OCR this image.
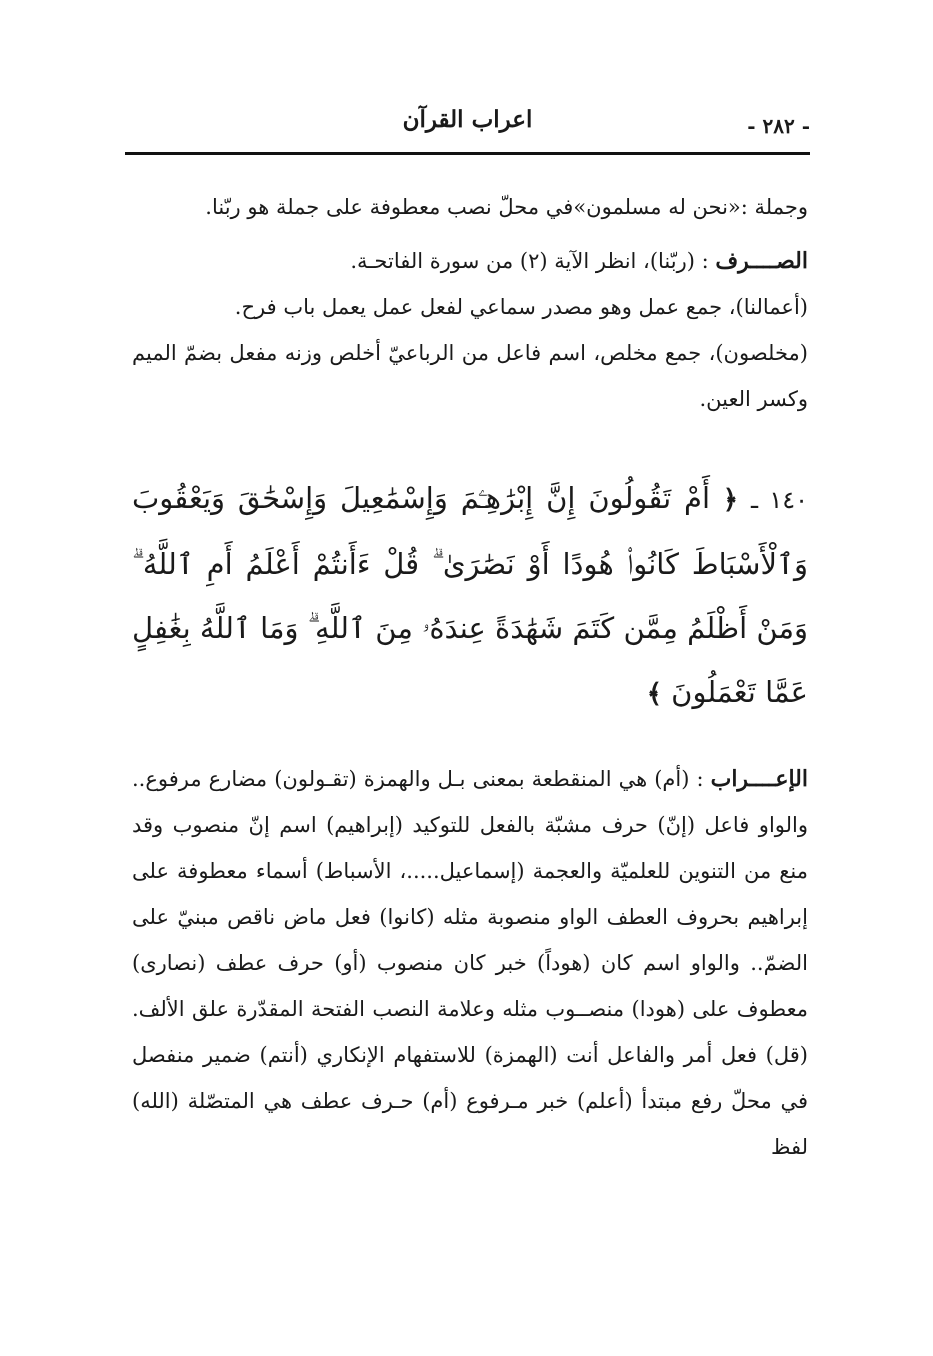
اعراب القرآن	- ٢٨٢ -

وجملة :«نحن له مسلمون»في محلّ نصب معطوفة على جملة هو ربّنا.

الصــــرف : (ربّنا)، انظر الآية (٢) من سورة الفاتحـة.

(أعمالنا)، جمع عمل وهو مصدر سماعي لفعل عمل يعمل باب فرح.

(مخلصون)، جمع مخلص، اسم فاعل من الرباعيّ أخلص وزنه مفعل بضمّ الميم وكسر العين.

١٤٠ ـ ﴿ أَمْ تَقُولُونَ إِنَّ إِبْرَٰهِـۧمَ وَإِسْمَٰعِيلَ وَإِسْحَٰقَ وَيَعْقُوبَ وَٱلْأَسْبَاطَ كَانُوا۟ هُودًا أَوْ نَصَٰرَىٰ ۗ قُلْ ءَأَنتُمْ أَعْلَمُ أَمِ ٱللَّهُ ۗ وَمَنْ أَظْلَمُ مِمَّن كَتَمَ شَهَٰدَةً عِندَهُۥ مِنَ ٱللَّهِ ۗ وَمَا ٱللَّهُ بِغَٰفِلٍ عَمَّا تَعْمَلُونَ ﴾

الإعــــراب : (أم) هي المنقطعة بمعنى بـل والهمزة (تقـولون) مضارع مرفوع.. والواو فاعل (إنّ) حرف مشبّة بالفعل للتوكيد (إبراهيم) اسم إنّ منصوب وقد منع من التنوين للعلميّة والعجمة (إسماعيل.....، الأسباط) أسماء معطوفة على إبراهيم بحروف العطف الواو منصوبة مثله (كانوا) فعل ماض ناقص مبنيّ على الضمّ.. والواو اسم كان (هوداً) خبر كان منصوب (أو) حرف عطف (نصارى) معطوف على (هودا) منصــوب مثله وعلامة النصب الفتحة المقدّرة علق الألف. (قل) فعل أمر والفاعل أنت (الهمزة) للاستفهام الإنكاري (أنتم) ضمير منفصل في محلّ رفع مبتدأ (أعلم) خبر مـرفوع (أم) حـرف عطف هي المتصّلة (الله) لفظ
